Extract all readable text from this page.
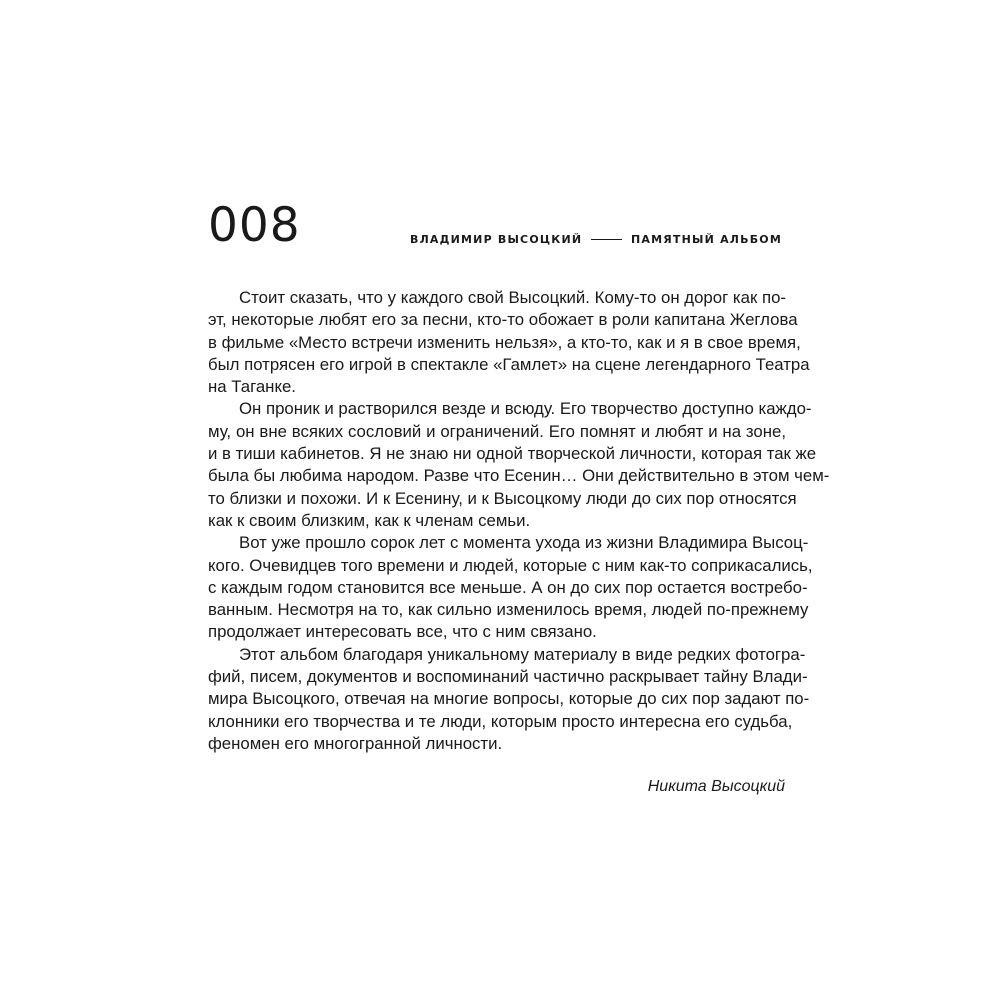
008	ВЛАДИМИР ВЫСОЦКИЙ	ПАМЯТНЫЙ АЛЬБОМ

Стоит сказать, что у каждого свой Высоцкий. Кому-то он дорог как по-
эт, некоторые любят его за песни, кто-то обожает в роли капитана Жеглова
в фильме «Место встречи изменить нельзя», а кто-то, как и я в свое время,
был потрясен его игрой в спектакле «Гамлет» на сцене легендарного Театра
на Таганке.

Он проник и растворился везде и всюду. Его творчество доступно каждо-
му, он вне всяких сословий и ограничений. Его помнят и любят и на зоне,
и в тиши кабинетов. Я не знаю ни одной творческой личности, которая так же
была бы любима народом. Разве что Есенин… Они действительно в этом чем-
то близки и похожи. И к Есенину, и к Высоцкому люди до сих пор относятся
как к своим близким, как к членам семьи.

Вот уже прошло сорок лет с момента ухода из жизни Владимира Высоц-
кого. Очевидцев того времени и людей, которые с ним как-то соприкасались,
с каждым годом становится все меньше. А он до сих пор остается востребо-
ванным. Несмотря на то, как сильно изменилось время, людей по-прежнему
продолжает интересовать все, что с ним связано.

Этот альбом благодаря уникальному материалу в виде редких фотогра-
фий, писем, документов и воспоминаний частично раскрывает тайну Влади-
мира Высоцкого, отвечая на многие вопросы, которые до сих пор задают по-
клонники его творчества и те люди, которым просто интересна его судьба,
феномен его многогранной личности.

Никита Высоцкий
